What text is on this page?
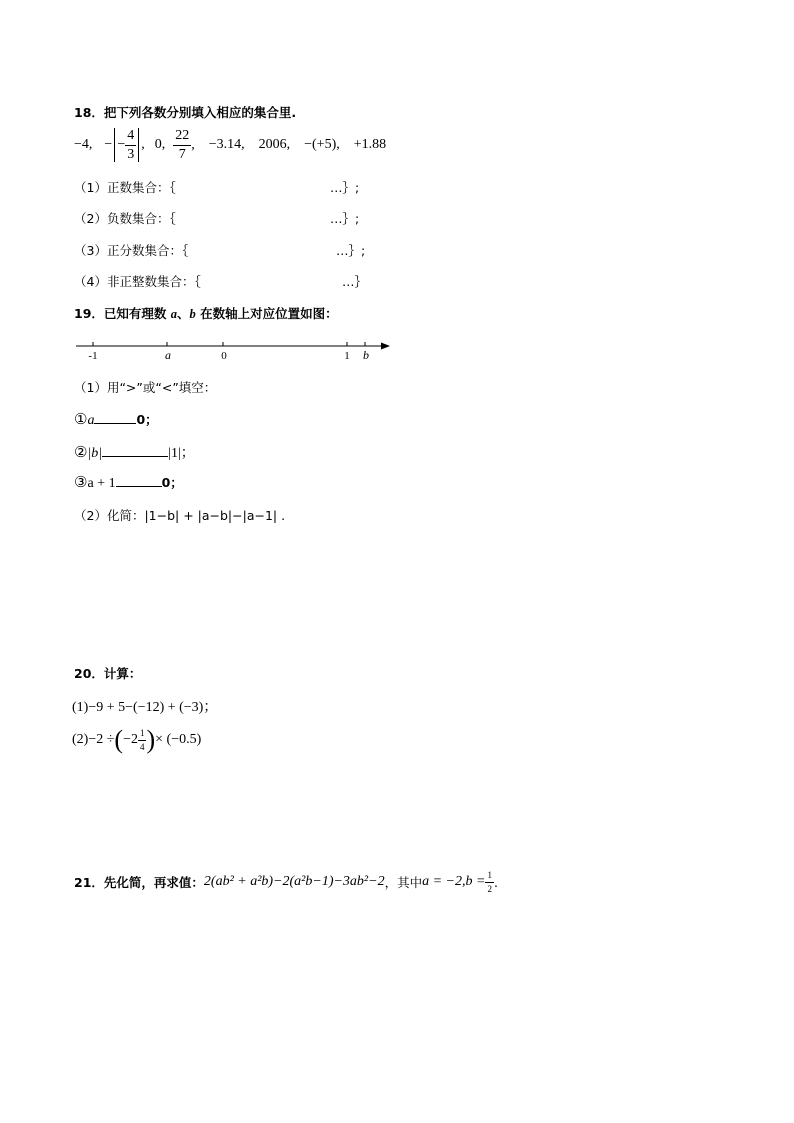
18．把下列各数分别填入相应的集合里.
−4, − − $\frac{4}{3}$ , 0, $\frac{22}{7}$ , −3.14, 2006, −(+5), +1.88
（1）正数集合：｛	…｝;
（2）负数集合：｛	…｝;
（3）正分数集合：｛	…｝;
（4）非正整数集合：｛	…｝
19．已知有理数 a、b 在数轴上对应位置如图：
-1	a	0	1 b
（1）用“>”或“<”填空：
①a	0；
②|b|	|1|；
③a + 1	0；
（2）化简：|1−b| + |a−b|−|a−1| .
20．计算：
(1)−9 + 5−(−12) + (−3)；
(2)−2 ÷ ( $-2 \frac{1}{4}$ ) × (−0.5)
21．先化简，再求值： 2(ab² + a²b)−2(a²b−1)−3ab²−2 ，其中 $a = -2,b = \frac{1}{2}$ .
